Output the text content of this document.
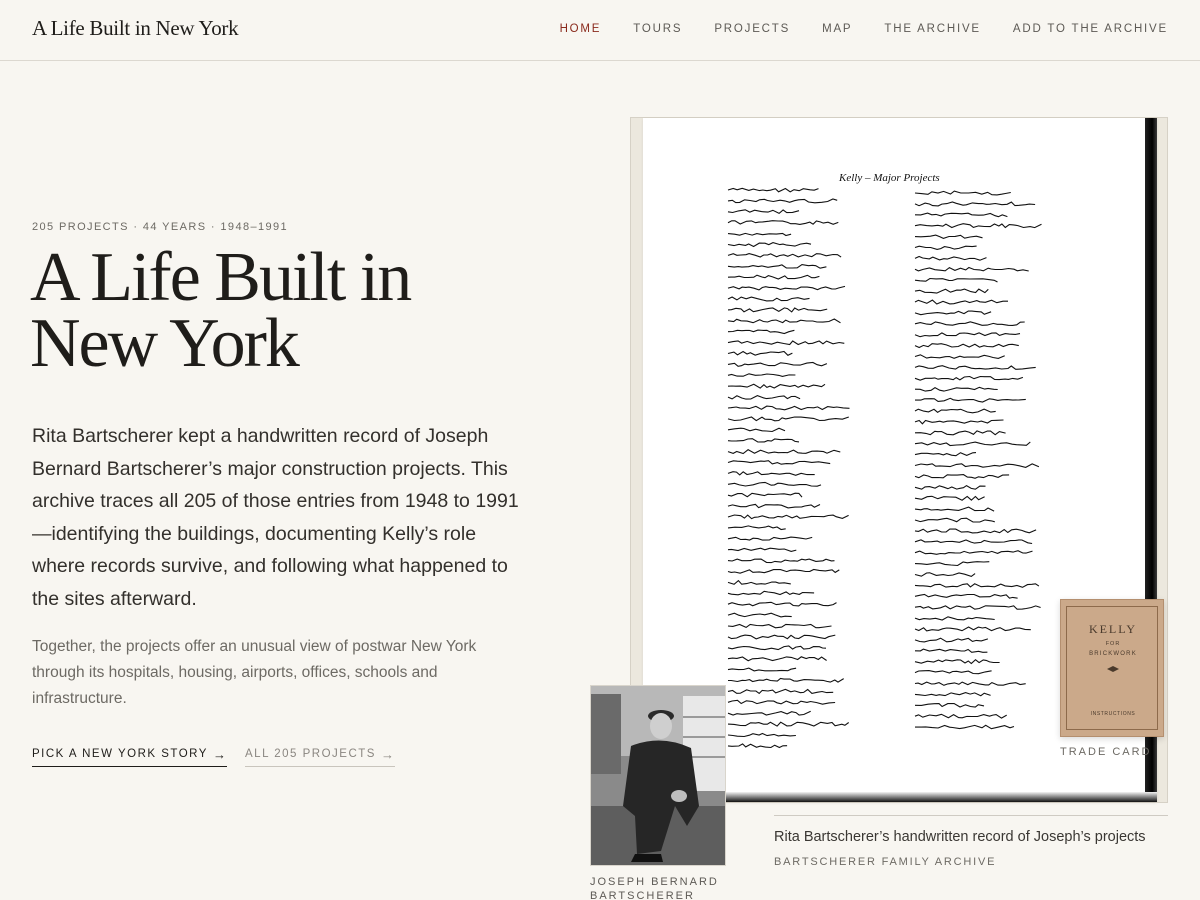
A Life Built in New York	HOME	TOURS	PROJECTS	MAP	THE ARCHIVE	ADD TO THE ARCHIVE
205 PROJECTS · 44 YEARS · 1948–1991
A Life Built in
New York

Rita Bartscherer kept a handwritten record of Joseph Bernard Bartscherer’s major construction projects. This archive traces all 205 of those entries from 1948 to 1991—identifying the buildings, documenting Kelly’s role where records survive, and following what happened to the sites afterward.

Together, the projects offer an unusual view of postwar New York through its hospitals, housing, airports, offices, schools and infrastructure.

PICK A NEW YORK STORY → ALL 205 PROJECTS →
Kelly – Major Projects
KELLY
FOR
BRICKWORK
INSTRUCTIONS
TRADE CARD
JOSEPH BERNARD
BARTSCHERER
Rita Bartscherer’s handwritten record of Joseph’s projects
BARTSCHERER FAMILY ARCHIVE
